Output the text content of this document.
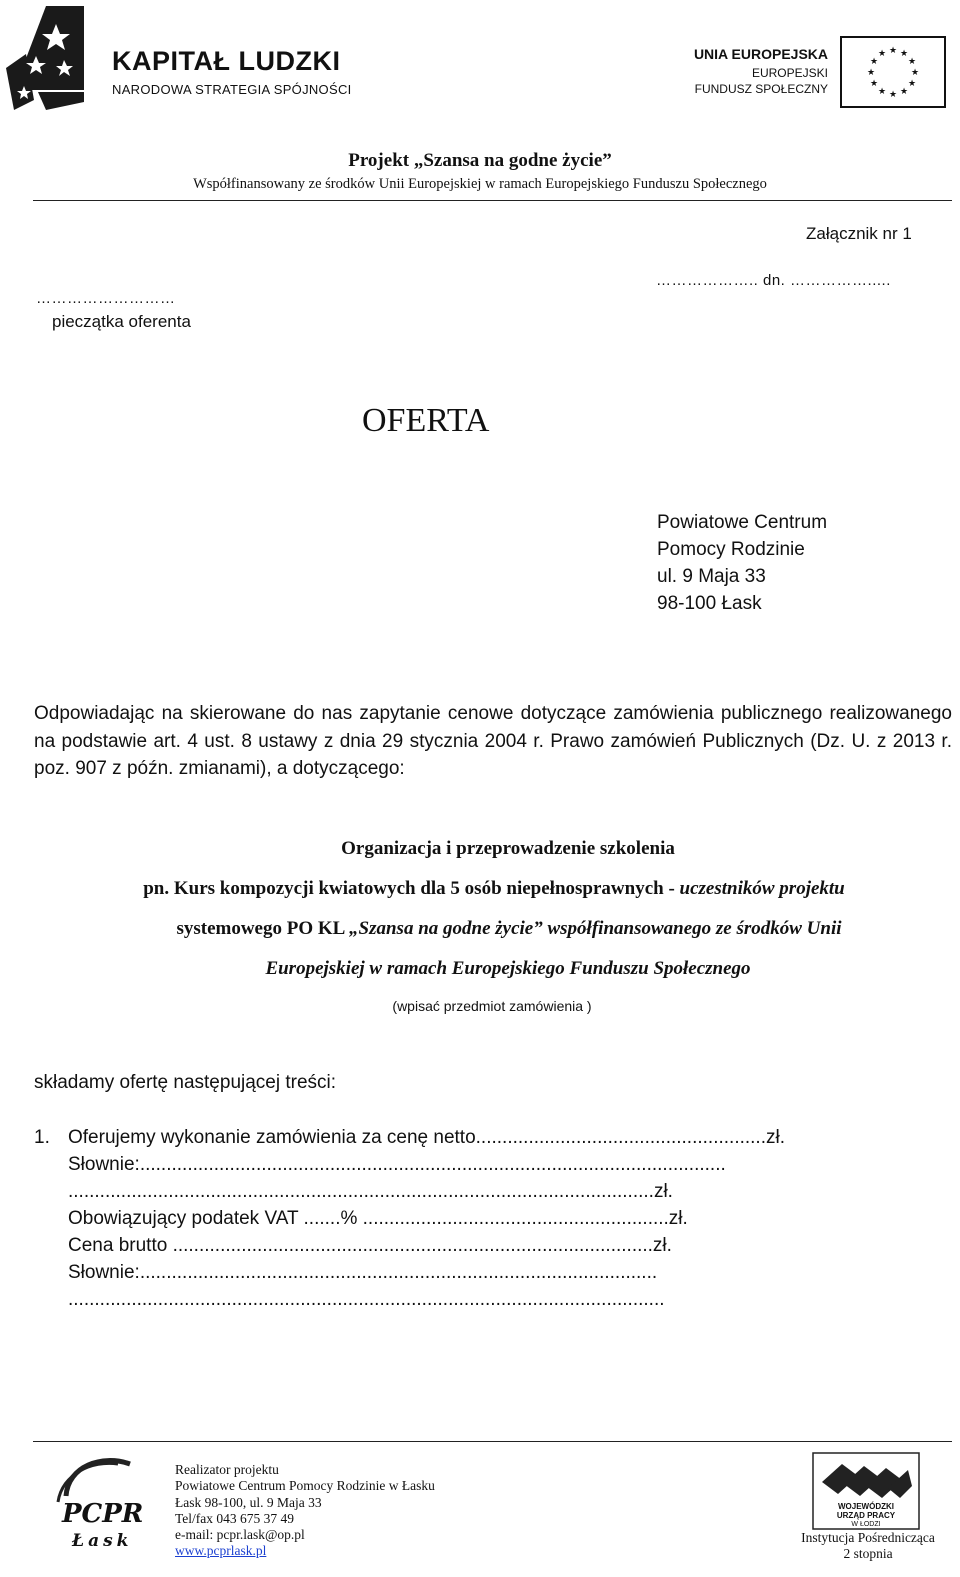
KAPITAŁ LUDZKI
NARODOWA STRATEGIA SPÓJNOŚCI
UNIA EUROPEJSKA
EUROPEJSKI
FUNDUSZ SPOŁECZNY
★ ★
★
★
★
★
★
★
★
★
★
★
Projekt „Szansa na godne życie”
Współfinansowany ze środków Unii Europejskiej w ramach Europejskiego Funduszu Społecznego
Załącznik nr 1
……………….. dn. …………….....
………………………
pieczątka oferenta
OFERTA
Powiatowe Centrum
Pomocy Rodzinie
ul. 9 Maja 33
98-100 Łask
Odpowiadając na skierowane do nas zapytanie cenowe dotyczące zamówienia publicznego realizowanego na podstawie art. 4 ust. 8 ustawy z dnia 29 stycznia 2004 r. Prawo zamówień Publicznych (Dz. U. z 2013 r. poz. 907 z późn. zmianami), a dotyczącego:
Organizacja i przeprowadzenie szkolenia
pn. Kurs kompozycji kwiatowych dla 5 osób niepełnosprawnych - uczestników projektu
systemowego PO KL „Szansa na godne życie” współfinansowanego ze środków Unii
Europejskiej w ramach Europejskiego Funduszu Społecznego
(wpisać przedmiot zamówienia )
składamy ofertę następującej treści:
1. Oferujemy wykonanie zamówienia za cenę netto.......................................................zł.
Słownie:...............................................................................................................
...............................................................................................................zł.
Obowiązujący podatek VAT .......% ..........................................................zł.
Cena brutto ...........................................................................................zł.
Słownie:..................................................................................................
.................................................................................................................
PCPR
Łask
Realizator projektu
Powiatowe Centrum Pomocy Rodzinie w Łasku
Łask 98-100, ul. 9 Maja 33
Tel/fax 043 675 37 49
e-mail: pcpr.lask@op.pl
www.pcprlask.pl
WOJEWÓDZKI
URZĄD PRACY
W ŁODZI
Instytucja Pośrednicząca
2 stopnia
